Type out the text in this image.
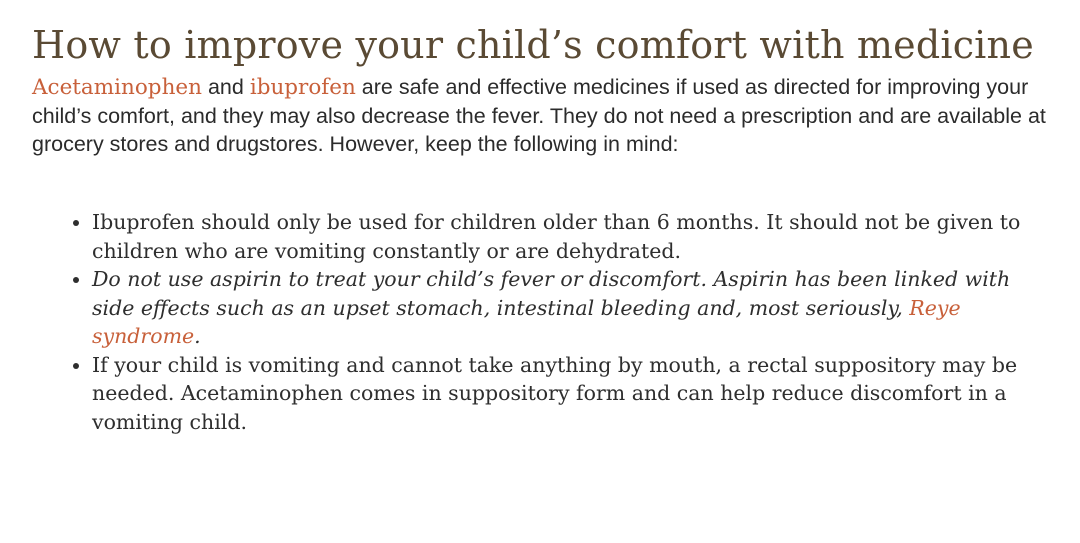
How to improve your child’s comfort with medicine

Acetaminophen and ibuprofen are safe and effective medicines if used as directed for improving your child’s comfort, and they may also decrease the fever. They do not need a prescription and are available at grocery stores and drugstores. However, keep the following in mind:

• Ibuprofen should only be used for children older than 6 months. It should not be given to children who are vomiting constantly or are dehydrated.
• Do not use aspirin to treat your child’s fever or discomfort. Aspirin has been linked with side effects such as an upset stomach, intestinal bleeding and, most seriously, Reye syndrome.
• If your child is vomiting and cannot take anything by mouth, a rectal suppository may be needed. Acetaminophen comes in suppository form and can help reduce discomfort in a vomiting child.
